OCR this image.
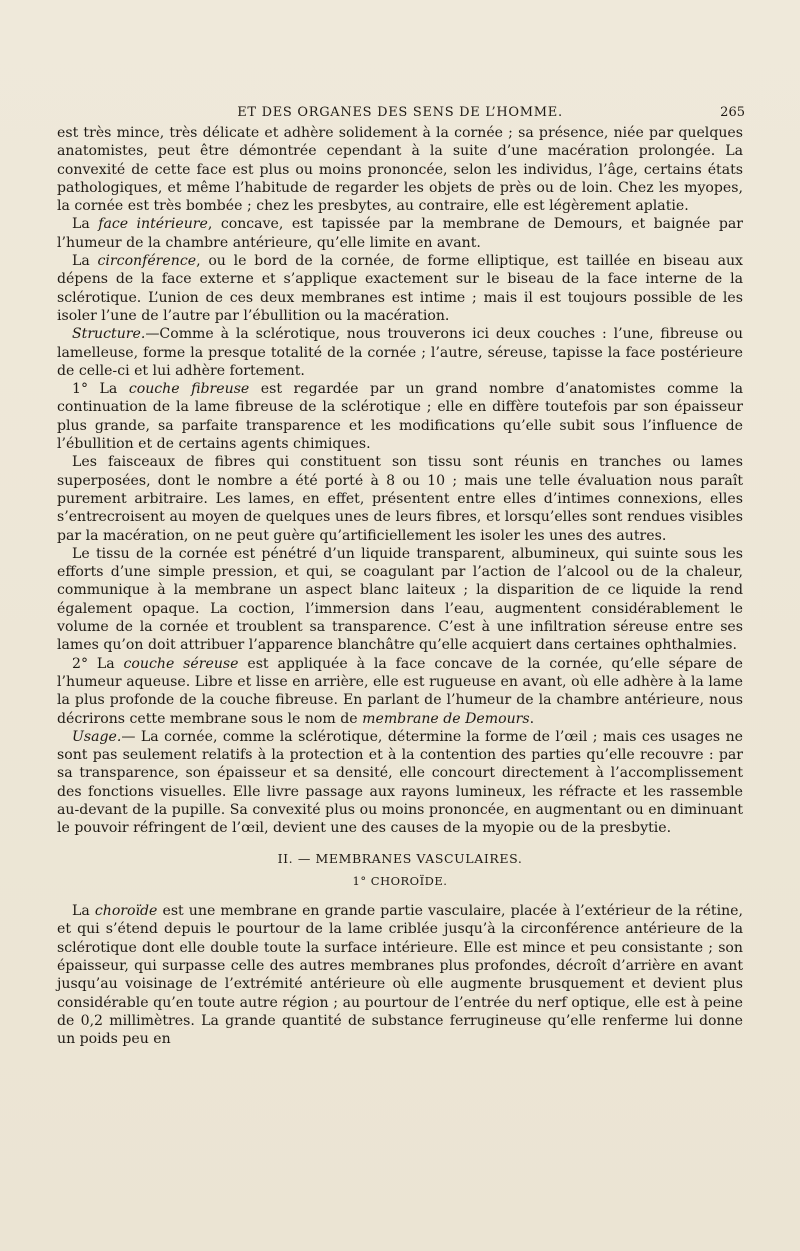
ET DES ORGANES DES SENS DE L’HOMME.	265

est très mince, très délicate et adhère solidement à la cornée ; sa présence, niée par quelques anatomistes, peut être démontrée cependant à la suite d’une macération prolongée. La convexité de cette face est plus ou moins prononcée, selon les individus, l’âge, certains états pathologiques, et même l’habitude de regarder les objets de près ou de loin. Chez les myopes, la cornée est très bombée ; chez les presbytes, au contraire, elle est légèrement aplatie.

La face intérieure, concave, est tapissée par la membrane de Demours, et baignée par l’humeur de la chambre antérieure, qu’elle limite en avant.

La circonférence, ou le bord de la cornée, de forme elliptique, est taillée en biseau aux dépens de la face externe et s’applique exactement sur le biseau de la face interne de la sclérotique. L’union de ces deux membranes est intime ; mais il est toujours possible de les isoler l’une de l’autre par l’ébullition ou la macération.

Structure.—Comme à la sclérotique, nous trouverons ici deux couches : l’une, fibreuse ou lamelleuse, forme la presque totalité de la cornée ; l’autre, séreuse, tapisse la face postérieure de celle-ci et lui adhère fortement.

1° La couche fibreuse est regardée par un grand nombre d’anatomistes comme la continuation de la lame fibreuse de la sclérotique ; elle en diffère toutefois par son épaisseur plus grande, sa parfaite transparence et les modifications qu’elle subit sous l’influence de l’ébullition et de certains agents chimiques.

Les faisceaux de fibres qui constituent son tissu sont réunis en tranches ou lames superposées, dont le nombre a été porté à 8 ou 10 ; mais une telle évaluation nous paraît purement arbitraire. Les lames, en effet, présentent entre elles d’intimes connexions, elles s’entrecroisent au moyen de quelques unes de leurs fibres, et lorsqu’elles sont rendues visibles par la macération, on ne peut guère qu’artificiellement les isoler les unes des autres.

Le tissu de la cornée est pénétré d’un liquide transparent, albumineux, qui suinte sous les efforts d’une simple pression, et qui, se coagulant par l’action de l’alcool ou de la chaleur, communique à la membrane un aspect blanc laiteux ; la disparition de ce liquide la rend également opaque. La coction, l’immersion dans l’eau, augmentent considérablement le volume de la cornée et troublent sa transparence. C’est à une infiltration séreuse entre ses lames qu’on doit attribuer l’apparence blanchâtre qu’elle acquiert dans certaines ophthalmies.

2° La couche séreuse est appliquée à la face concave de la cornée, qu’elle sépare de l’humeur aqueuse. Libre et lisse en arrière, elle est rugueuse en avant, où elle adhère à la lame la plus profonde de la couche fibreuse. En parlant de l’humeur de la chambre antérieure, nous décrirons cette membrane sous le nom de membrane de Demours.

Usage.— La cornée, comme la sclérotique, détermine la forme de l’œil ; mais ces usages ne sont pas seulement relatifs à la protection et à la contention des parties qu’elle recouvre : par sa transparence, son épaisseur et sa densité, elle concourt directement à l’accomplissement des fonctions visuelles. Elle livre passage aux rayons lumineux, les réfracte et les rassemble au-devant de la pupille. Sa convexité plus ou moins prononcée, en augmentant ou en diminuant le pouvoir réfringent de l’œil, devient une des causes de la myopie ou de la presbytie.

II. — MEMBRANES VASCULAIRES.
1° CHOROÏDE.

La choroïde est une membrane en grande partie vasculaire, placée à l’extérieur de la rétine, et qui s’étend depuis le pourtour de la lame criblée jusqu’à la circonférence antérieure de la sclérotique dont elle double toute la surface intérieure. Elle est mince et peu consistante ; son épaisseur, qui surpasse celle des autres membranes plus profondes, décroît d’arrière en avant jusqu’au voisinage de l’extrémité antérieure où elle augmente brusquement et devient plus considérable qu’en toute autre région ; au pourtour de l’entrée du nerf optique, elle est à peine de 0,2 millimètres. La grande quantité de substance ferrugineuse qu’elle renferme lui donne un poids peu en
